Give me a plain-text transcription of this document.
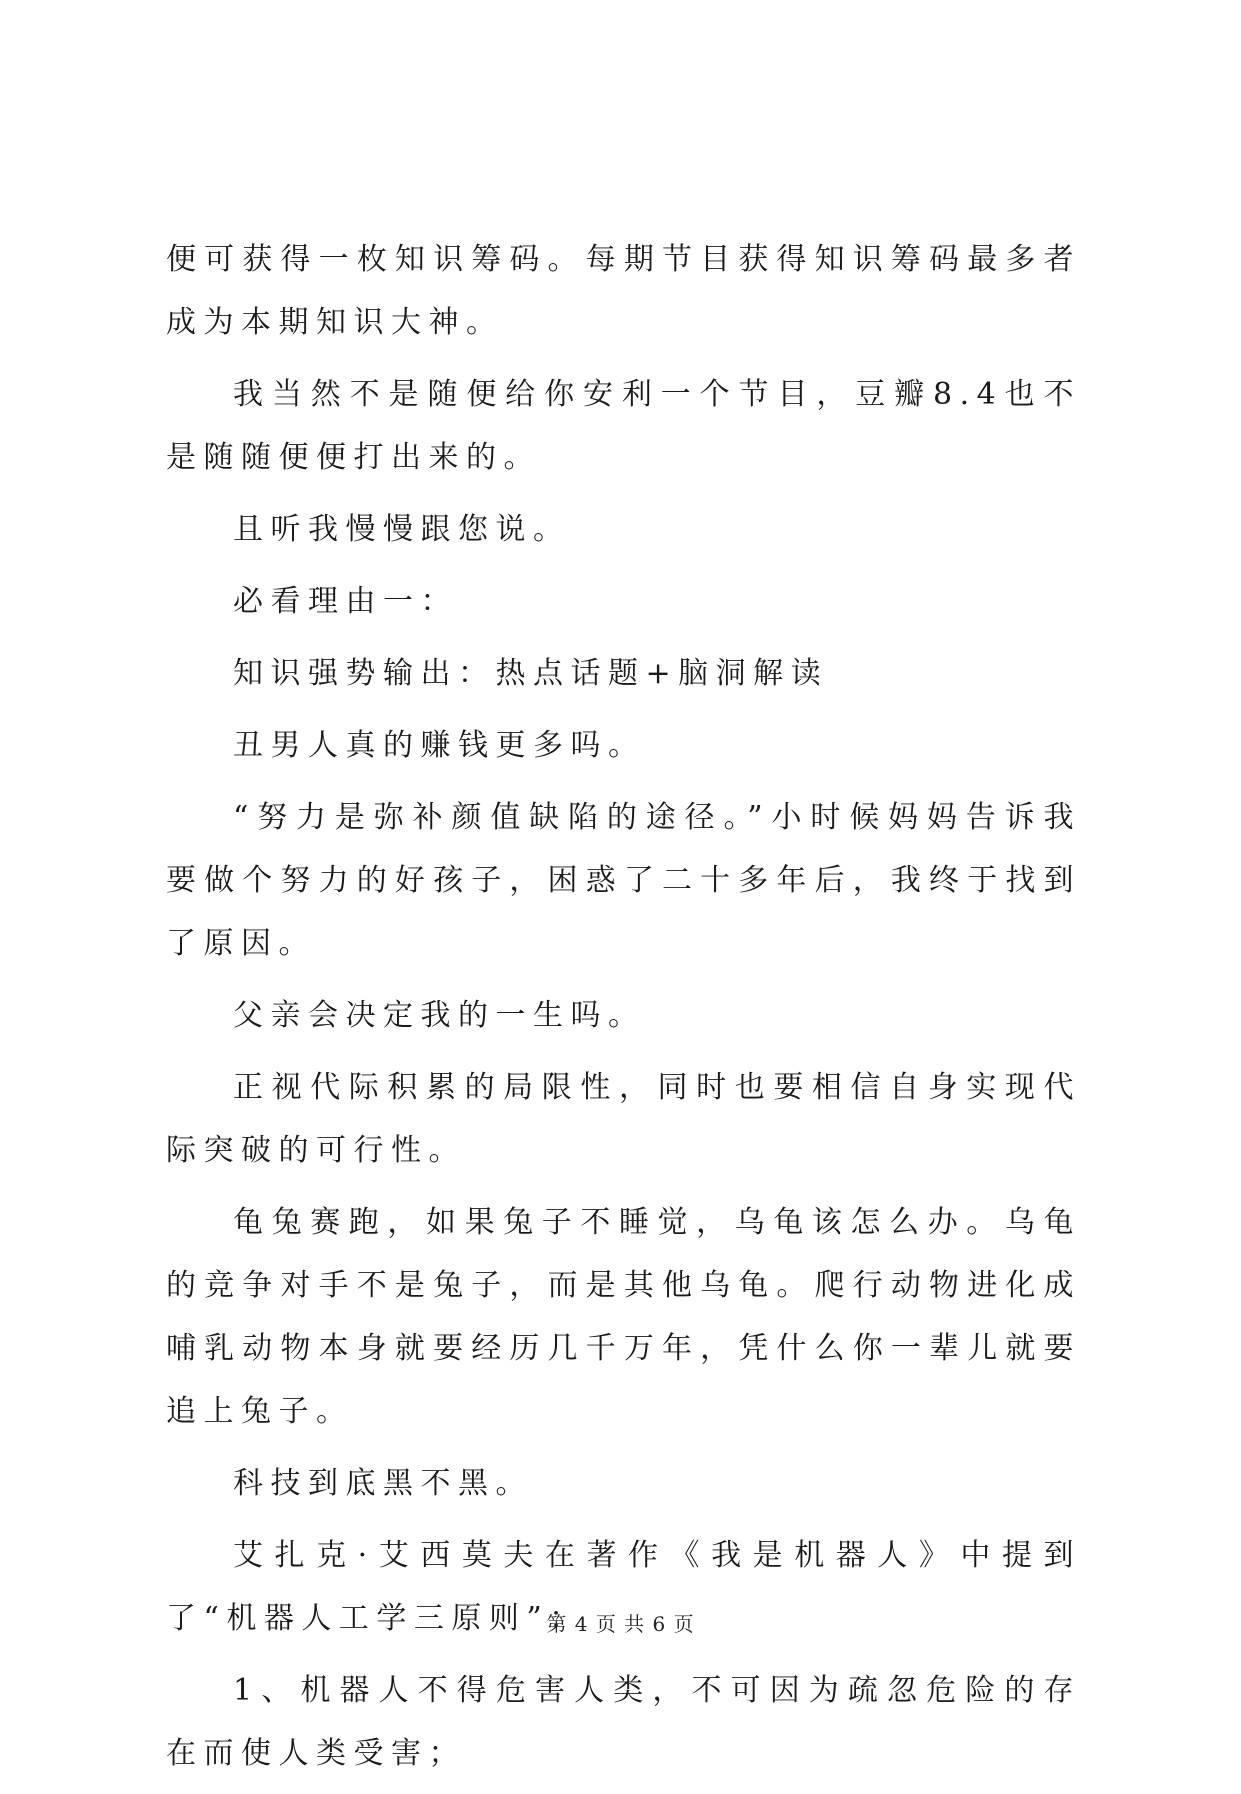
便可获得一枚知识筹码。每期节目获得知识筹码最多者成为本期知识大神。

我当然不是随便给你安利一个节目，豆瓣8.4也不是随随便便打出来的。

且听我慢慢跟您说。

必看理由一：

知识强势输出：热点话题+脑洞解读

丑男人真的赚钱更多吗。

“努力是弥补颜值缺陷的途径。”小时候妈妈告诉我要做个努力的好孩子，困惑了二十多年后，我终于找到了原因。

父亲会决定我的一生吗。

正视代际积累的局限性，同时也要相信自身实现代际突破的可行性。

龟兔赛跑，如果兔子不睡觉，乌龟该怎么办。乌龟的竞争对手不是兔子，而是其他乌龟。爬行动物进化成哺乳动物本身就要经历几千万年，凭什么你一辈儿就要追上兔子。

科技到底黑不黑。

艾扎克·艾西莫夫在著作《我是机器人》中提到了“机器人工学三原则”：

1、机器人不得危害人类，不可因为疏忽危险的存在而使人类受害；

第 4 页 共 6 页
